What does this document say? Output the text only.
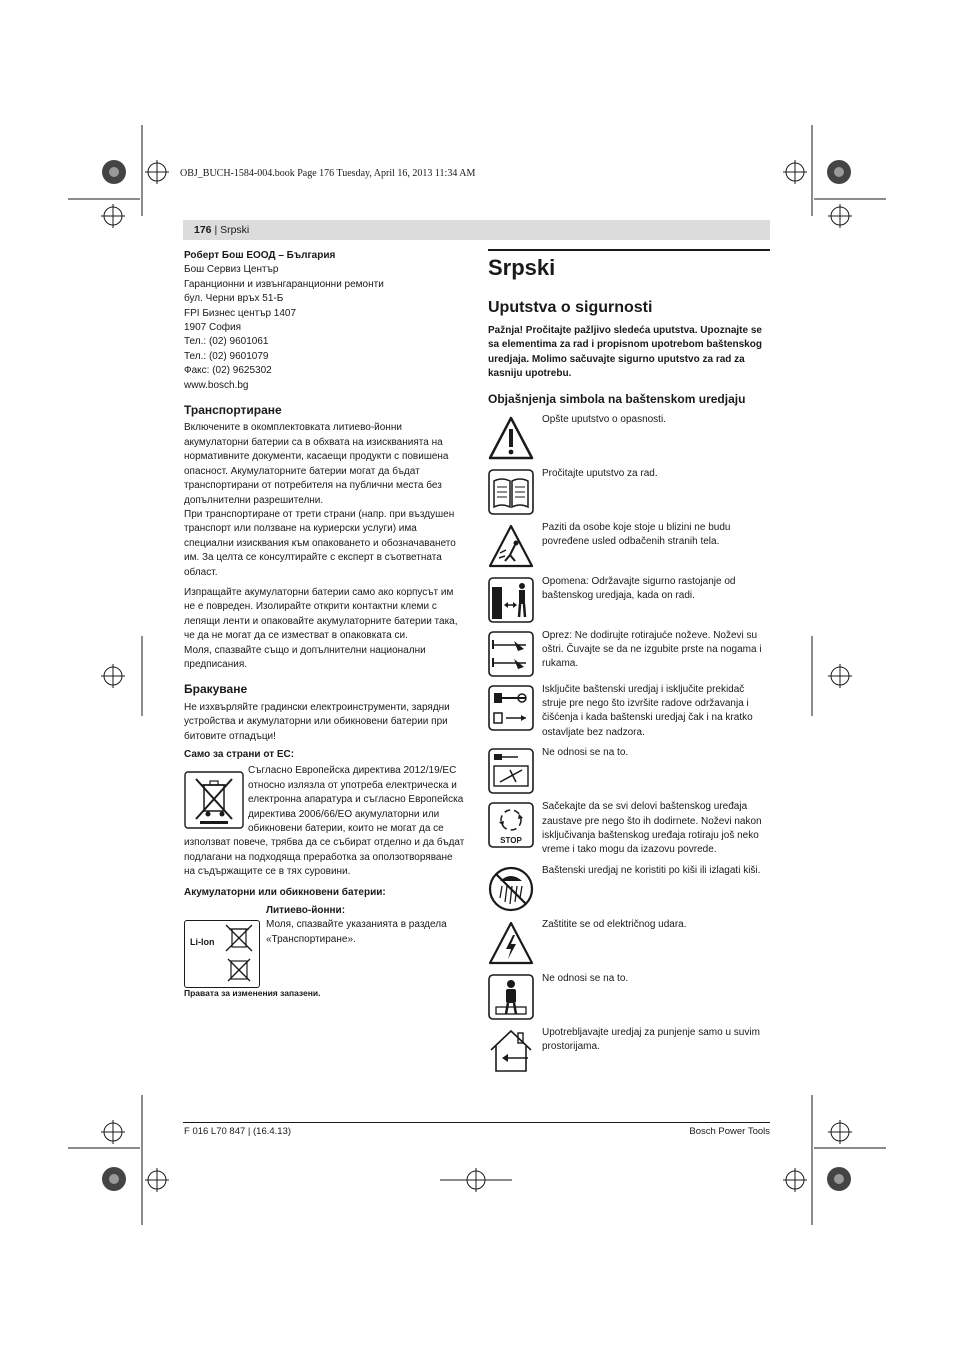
OBJ_BUCH-1584-004.book Page 176 Tuesday, April 16, 2013 11:34 AM
176 | Srpski

Роберт Бош ЕООД – България

Бош Сервиз Център

Гаранционни и извънгаранционни ремонти

бул. Черни връх 51-Б

FPI Бизнес център 1407

1907 София

Тел.: (02) 9601061

Тел.: (02) 9601079

Факс: (02) 9625302

www.bosch.bg

Транспортиране

Включените в окомплектовката литиево-йонни акумулаторни батерии са в обхвата на изискванията на нормативните документи, касаещи продукти с повишена опасност. Акумулаторните батерии могат да бъдат транспортирани от потребителя на публични места без допълнителни разрешителни.

При транспортиране от трети страни (напр. при въздушен транспорт или ползване на куриерски услуги) има специални изисквания към опаковането и обозначаването им. За целта се консултирайте с експерт в съответната област.

Изпращайте акумулаторни батерии само ако корпусът им не е повреден. Изолирайте открити контактни клеми с лепящи ленти и опаковайте акумулаторните батерии така, че да не могат да се изместват в опаковката си.

Моля, спазвайте също и допълнителни национални предписания.

Бракуване

Не изхвърляйте градински електроинструменти, зарядни устройства и акумулаторни или обикновени батерии при битовите отпадъци!

Само за страни от ЕС:

Съгласно Европейска директива 2012/19/ЕС относно излязла от употреба електрическа и електронна апаратура и съгласно Европейска директива 2006/66/ЕО акумулаторни или обикновени батерии, които не могат да се използват повече, трябва да се събират отделно и да бъдат подлагани на подходяща преработка за оползотворяване на съдържащите се в тях суровини.

Акумулаторни или обикновени батерии:

Литиево-йонни:

Моля, спазвайте указанията в раздела «Транспортиране».

Правата за изменения запазени.

Li-Ion

Srpski

Uputstva o sigurnosti
Pažnja! Pročitajte pažljivo sledeća uputstva. Upoznajte se sa elementima za rad i propisnom upotrebom baštenskog uredjaja. Molimo sačuvajte sigurno uputstvo za rad za kasniju upotrebu.
Objašnjenja simbola na baštenskom uredjaju
Opšte uputstvo o opasnosti.
Pročitajte uputstvo za rad.
Paziti da osobe koje stoje u blizini ne budu povređene usled odbačenih stranih tela.
Opomena: Održavajte sigurno rastojanje od baštenskog uredjaja, kada on radi.
Oprez: Ne dodirujte rotirajuće noževe. Noževi su oštri. Čuvajte se da ne izgubite prste na nogama i rukama.
Isključite baštenski uredjaj i isključite prekidač struje pre nego što izvršite radove održavanja i čišćenja i kada baštenski uredjaj čak i na kratko ostavljate bez nadzora.
Ne odnosi se na to.
STOP
Sačekajte da se svi delovi baštenskog uređaja zaustave pre nego što ih dodirnete. Noževi nakon isključivanja baštenskog uređaja rotiraju još neko vreme i tako mogu da izazovu povrede.
Baštenski uredjaj ne koristiti po kiši ili izlagati kiši.
Zaštitite se od električnog udara.
Ne odnosi se na to.
Upotrebljavajte uredjaj za punjenje samo u suvim prostorijama.
F 016 L70 847 | (16.4.13)	Bosch Power Tools
